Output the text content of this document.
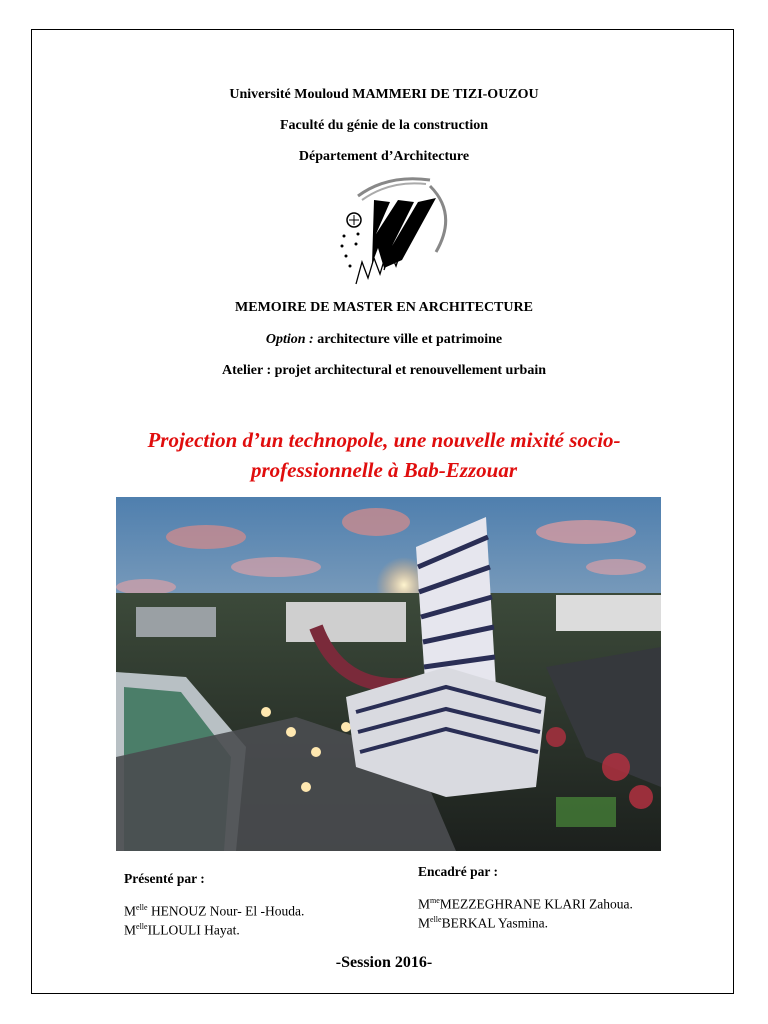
Université Mouloud MAMMERI DE TIZI-OUZOU
Faculté du génie de la construction
Département d’Architecture
MEMOIRE DE MASTER EN ARCHITECTURE
Option : architecture ville et patrimoine
Atelier : projet architectural et renouvellement urbain
Projection d’un technopole, une nouvelle mixité socio-
professionnelle à Bab-Ezzouar
Présenté par :
$M^{elle}$ HENOUZ Nour- El -Houda.
$M^{elle}ILLOULI$ Hayat.
Encadré par :
$M^{me}MEZZEGHRANE$ KLARI Zahoua.
$M^{elle}BERKAL$ Yasmina.
-Session 2016-
